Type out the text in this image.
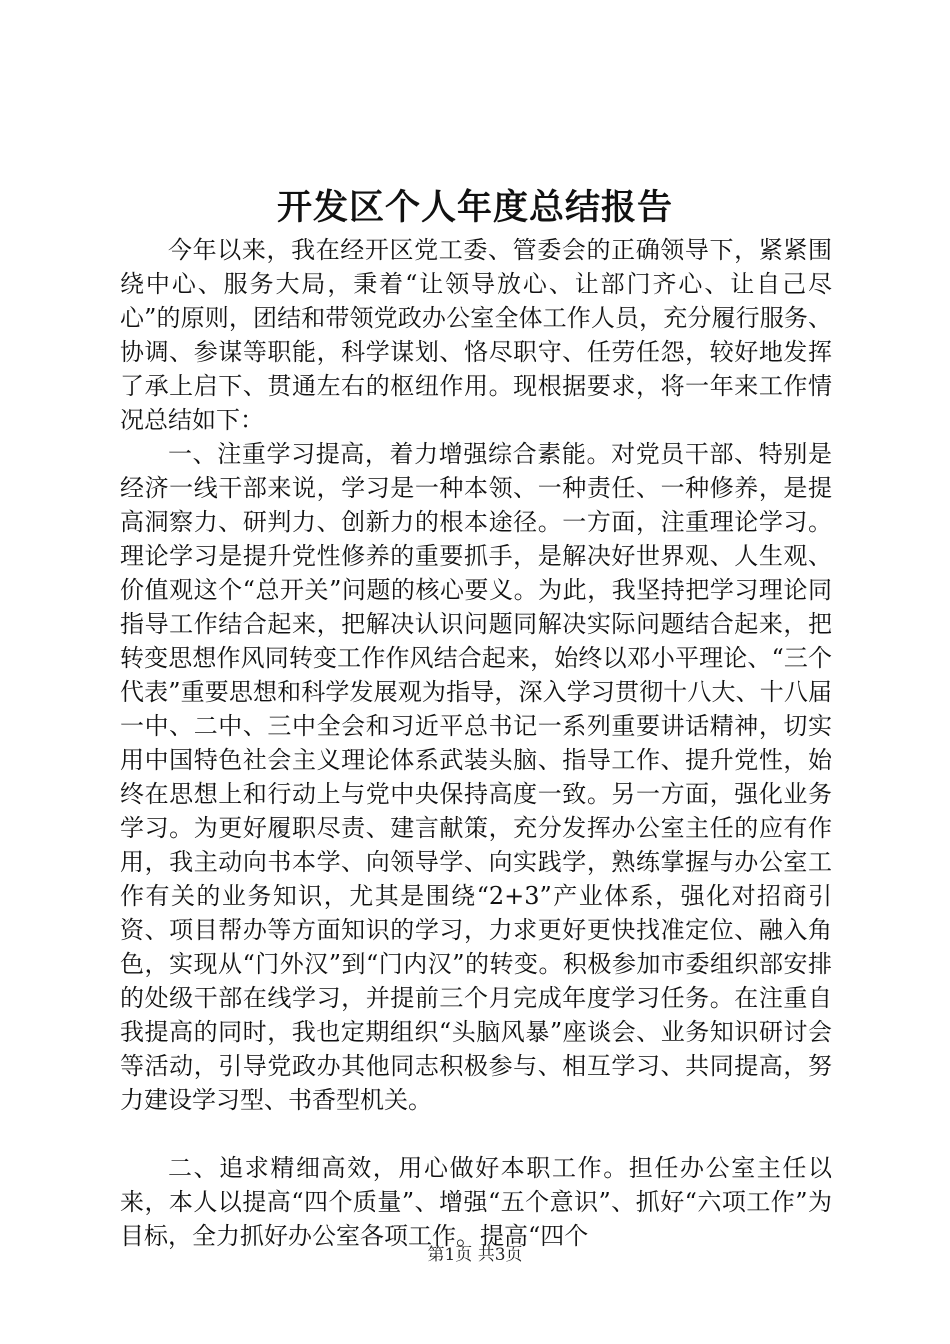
开发区个人年度总结报告

今年以来，我在经开区党工委、管委会的正确领导下，紧紧围绕中心、服务大局，秉着“让领导放心、让部门齐心、让自己尽心”的原则，团结和带领党政办公室全体工作人员，充分履行服务、协调、参谋等职能，科学谋划、恪尽职守、任劳任怨，较好地发挥了承上启下、贯通左右的枢纽作用。现根据要求，将一年来工作情况总结如下：

一、注重学习提高，着力增强综合素能。对党员干部、特别是经济一线干部来说，学习是一种本领、一种责任、一种修养，是提高洞察力、研判力、创新力的根本途径。一方面，注重理论学习。理论学习是提升党性修养的重要抓手，是解决好世界观、人生观、价值观这个“总开关”问题的核心要义。为此，我坚持把学习理论同指导工作结合起来，把解决认识问题同解决实际问题结合起来，把转变思想作风同转变工作作风结合起来，始终以邓小平理论、“三个代表”重要思想和科学发展观为指导，深入学习贯彻十八大、十八届一中、二中、三中全会和习近平总书记一系列重要讲话精神，切实用中国特色社会主义理论体系武装头脑、指导工作、提升党性，始终在思想上和行动上与党中央保持高度一致。另一方面，强化业务学习。为更好履职尽责、建言献策，充分发挥办公室主任的应有作用，我主动向书本学、向领导学、向实践学，熟练掌握与办公室工作有关的业务知识，尤其是围绕“2+3”产业体系，强化对招商引资、项目帮办等方面知识的学习，力求更好更快找准定位、融入角色，实现从“门外汉”到“门内汉”的转变。积极参加市委组织部安排的处级干部在线学习，并提前三个月完成年度学习任务。在注重自我提高的同时，我也定期组织“头脑风暴”座谈会、业务知识研讨会等活动，引导党政办其他同志积极参与、相互学习、共同提高，努力建设学习型、书香型机关。

二、追求精细高效，用心做好本职工作。担任办公室主任以来，本人以提高“四个质量”、增强“五个意识”、抓好“六项工作”为目标，全力抓好办公室各项工作。提高“四个

第1页 共3页
